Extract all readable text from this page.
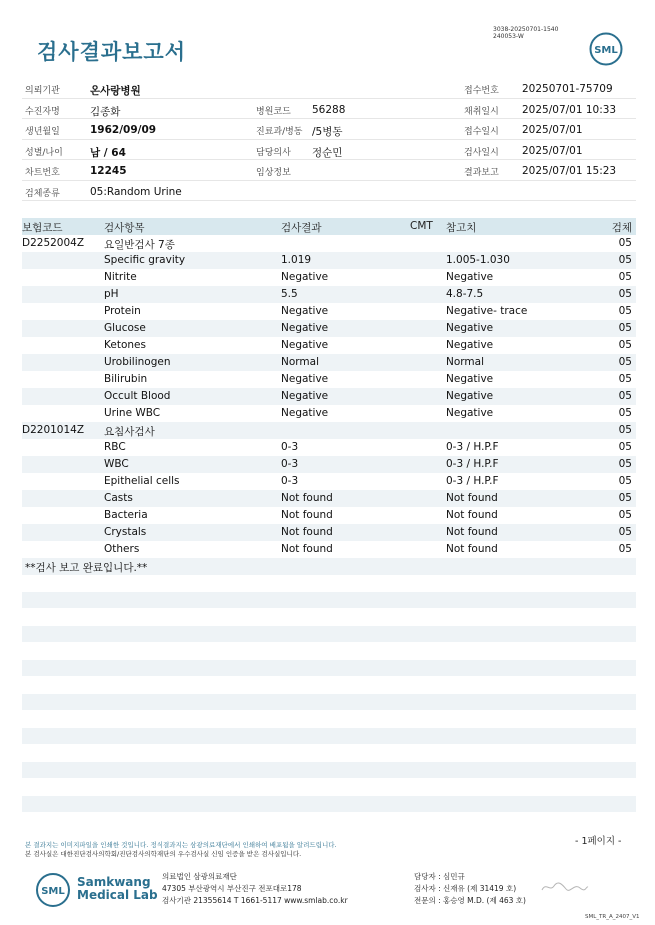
검사결과보고서
3038-20250701-1540
240053-W
SML
의뢰기관	온사랑병원	접수번호 20250701-75709
수진자명	김종화	병원코드 56288	채취일시 2025/07/01 10:33
생년월일	1962/09/09	진료과/병동 /5병동	접수일시 2025/07/01
성별/나이	남 / 64	담당의사 정순민	검사일시 2025/07/01
차트번호	12245	임상정보	결과보고 2025/07/01 15:23
검체종류	05:Random Urine
보험코드	검사항목	검사결과	CMT 참고치	검체
D2252004Z 요일반검사 7종	05
Specific gravity	1.019	1.005-1.030	05
Nitrite	Negative	Negative	05
pH	5.5	4.8-7.5	05
Protein	Negative	Negative- trace	05
Glucose	Negative	Negative	05
Ketones	Negative	Negative	05
Urobilinogen	Normal	Normal	05
Bilirubin	Negative	Negative	05
Occult Blood	Negative	Negative	05
Urine WBC	Negative	Negative	05
D2201014Z 요침사검사	05
RBC	0-3	0-3 / H.P.F	05
WBC	0-3	0-3 / H.P.F	05
Epithelial cells	0-3	0-3 / H.P.F	05
Casts	Not found	Not found	05
Bacteria	Not found	Not found	05
Crystals	Not found	Not found	05
Others	Not found	Not found	05
**검사 보고 완료입니다.**
본 결과지는 이미지파일을 인쇄한 것입니다. 정식결과지는 삼광의료재단에서 인쇄하여 배포됨을 알려드립니다.
본 검사실은 대한진단검사의학회/진단검사의학재단의 우수검사실 신임 인증을 받은 검사실입니다.
- 1페이지 -
SML
Samkwang
Medical Lab
의료법인 삼광의료재단
47305 부산광역시 부산진구 전포대로178
검사기관 21355614 T 1661-5117 www.smlab.co.kr
담당자 : 심민규
검사자 : 신재유 (제 31419 호)
전문의 : 홍승영 M.D. (제 463 호)
SML_TR_A_2407_V1
